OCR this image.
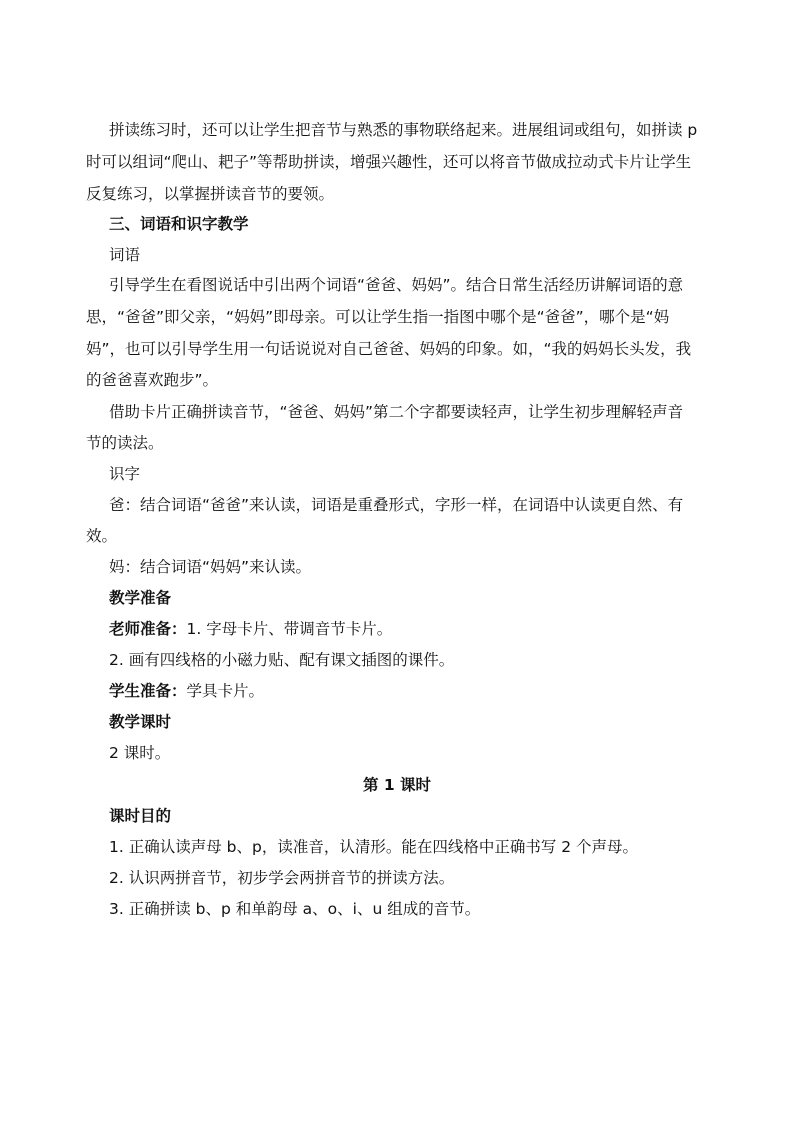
拼读练习时，还可以让学生把音节与熟悉的事物联络起来。进展组词或组句，如拼读 p
时可以组词“爬山、耙子”等帮助拼读，增强兴趣性，还可以将音节做成拉动式卡片让学生
反复练习，以掌握拼读音节的要领。
三、词语和识字教学
词语
引导学生在看图说话中引出两个词语“爸爸、妈妈”。结合日常生活经历讲解词语的意
思，“爸爸”即父亲，“妈妈”即母亲。可以让学生指一指图中哪个是“爸爸”，哪个是“妈
妈”，也可以引导学生用一句话说说对自己爸爸、妈妈的印象。如，“我的妈妈长头发，我
的爸爸喜欢跑步”。
借助卡片正确拼读音节，“爸爸、妈妈”第二个字都要读轻声，让学生初步理解轻声音
节的读法。
识字
爸：结合词语“爸爸”来认读，词语是重叠形式，字形一样，在词语中认读更自然、有
效。
妈：结合词语“妈妈”来认读。
教学准备
老师准备：1. 字母卡片、带调音节卡片。
2. 画有四线格的小磁力贴、配有课文插图的课件。
学生准备：学具卡片。
教学课时
2 课时。
第 1 课时
课时目的
1. 正确认读声母 b、p，读准音，认清形。能在四线格中正确书写 2 个声母。
2. 认识两拼音节，初步学会两拼音节的拼读方法。
3. 正确拼读 b、p 和单韵母 a、o、i、u 组成的音节。
